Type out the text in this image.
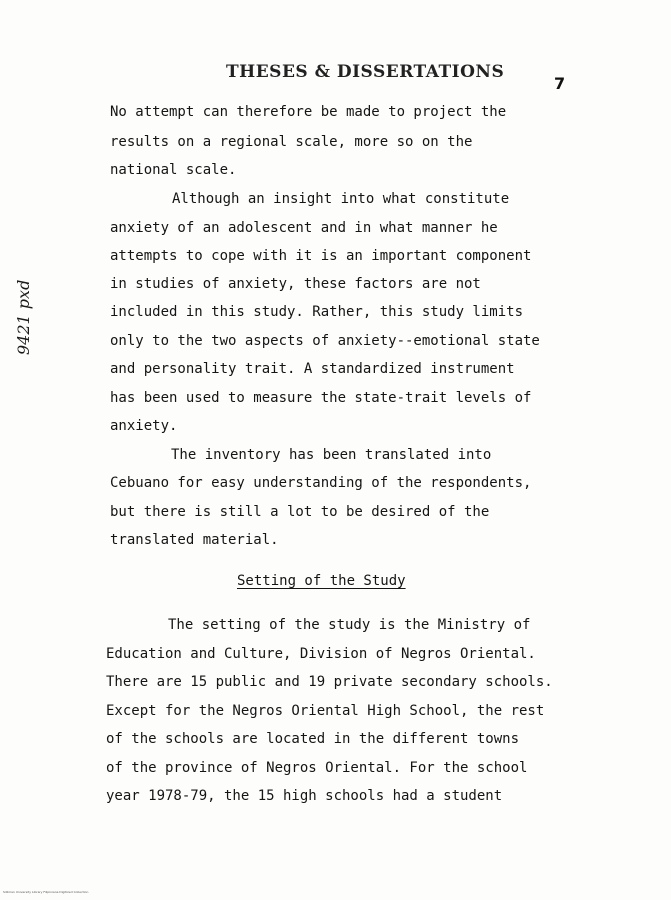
THESES & DISSERTATIONS
7
9421 pxd
No attempt can therefore be made to project the
results on a regional scale, more so on the
national scale.
Although an insight into what constitute
anxiety of an adolescent and in what manner he
attempts to cope with it is an important component
in studies of anxiety, these factors are not
included in this study. Rather, this study limits
only to the two aspects of anxiety--emotional state
and personality trait. A standardized instrument
has been used to measure the state-trait levels of
anxiety.
The inventory has been translated into
Cebuano for easy understanding of the respondents,
but there is still a lot to be desired of the
translated material.
Setting of the Study
The setting of the study is the Ministry of
Education and Culture, Division of Negros Oriental.
There are 15 public and 19 private secondary schools.
Except for the Negros Oriental High School, the rest
of the schools are located in the different towns
of the province of Negros Oriental. For the school
year 1978-79, the 15 high schools had a student
Silliman University Library Filipiniana Digitized Collection
